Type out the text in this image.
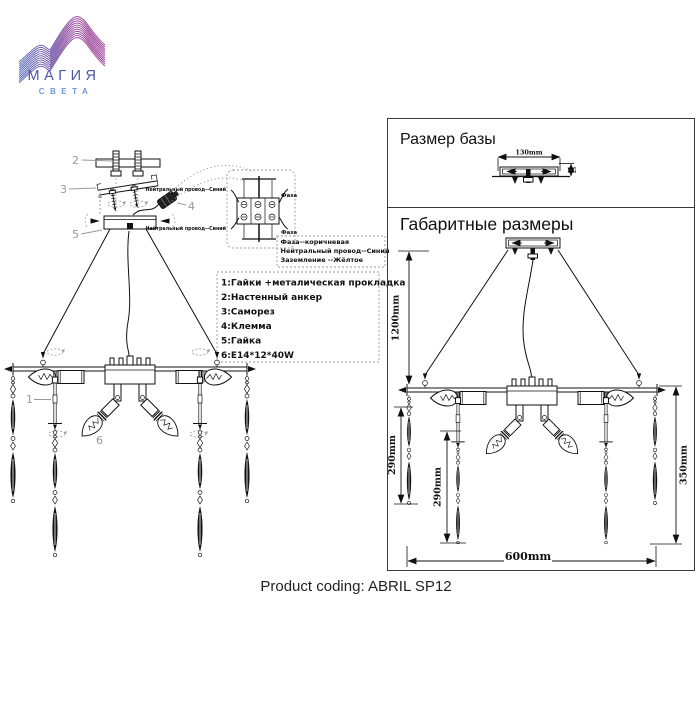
МАГИЯ
СВЕТА
2
3
5
4
Нейтральный провод--Синий
Нейтральный провод--Синий
Фаза
Фаза
Фаза--коричневая
Нейтральный провод--Синий
Заземление --Жёлтое
1:Гайки +металическая прокладка
2:Настенный анкер
3:Саморез
4:Клемма
5:Гайка
6:E14*12*40W
1
6
Размер базы
130mm
25
Габаритные размеры
1200mm
290mm
290mm
350mm
600mm
Product coding: ABRIL SP12
